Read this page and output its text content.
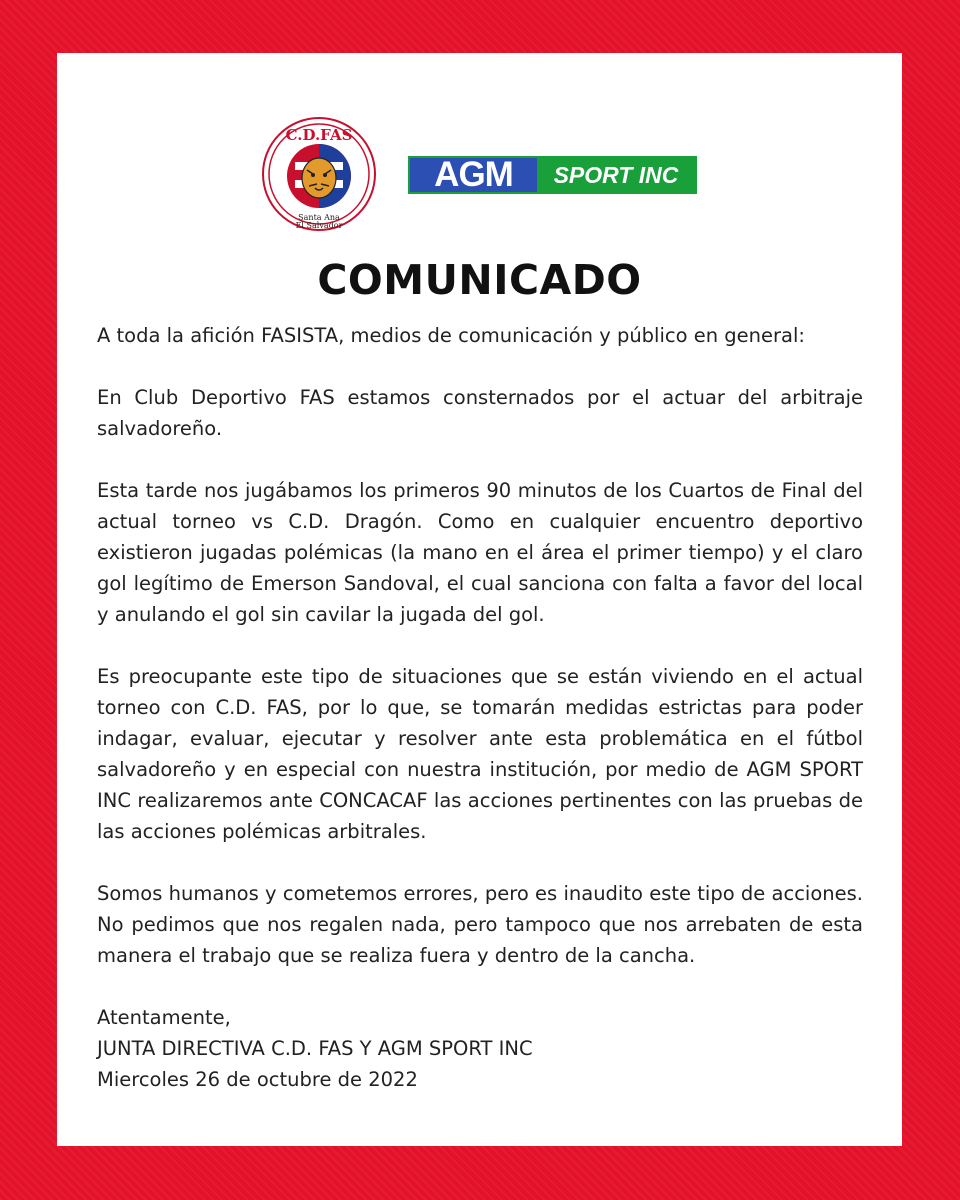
C.D.FAS
Santa Ana
El Salvador
AGM	SPORT INC
COMUNICADO

A toda la afición FASISTA, medios de comunicación y público en general:

En Club Deportivo FAS estamos consternados por el actuar del arbitraje salvadoreño.

Esta tarde nos jugábamos los primeros 90 minutos de los Cuartos de Final del actual torneo vs C.D. Dragón. Como en cualquier encuentro deportivo existieron jugadas polémicas (la mano en el área el primer tiempo) y el claro gol legítimo de Emerson Sandoval, el cual sanciona con falta a favor del local y anulando el gol sin cavilar la jugada del gol.

Es preocupante este tipo de situaciones que se están viviendo en el actual torneo con C.D. FAS, por lo que, se tomarán medidas estrictas para poder indagar, evaluar, ejecutar y resolver ante esta problemática en el fútbol salvadoreño y en especial con nuestra institución, por medio de AGM SPORT INC realizaremos ante CONCACAF las acciones pertinentes con las pruebas de las acciones polémicas arbitrales.

Somos humanos y cometemos errores, pero es inaudito este tipo de acciones. No pedimos que nos regalen nada, pero tampoco que nos arrebaten de esta manera el trabajo que se realiza fuera y dentro de la cancha.

Atentamente,
JUNTA DIRECTIVA C.D. FAS Y AGM SPORT INC
Miercoles 26 de octubre de 2022
